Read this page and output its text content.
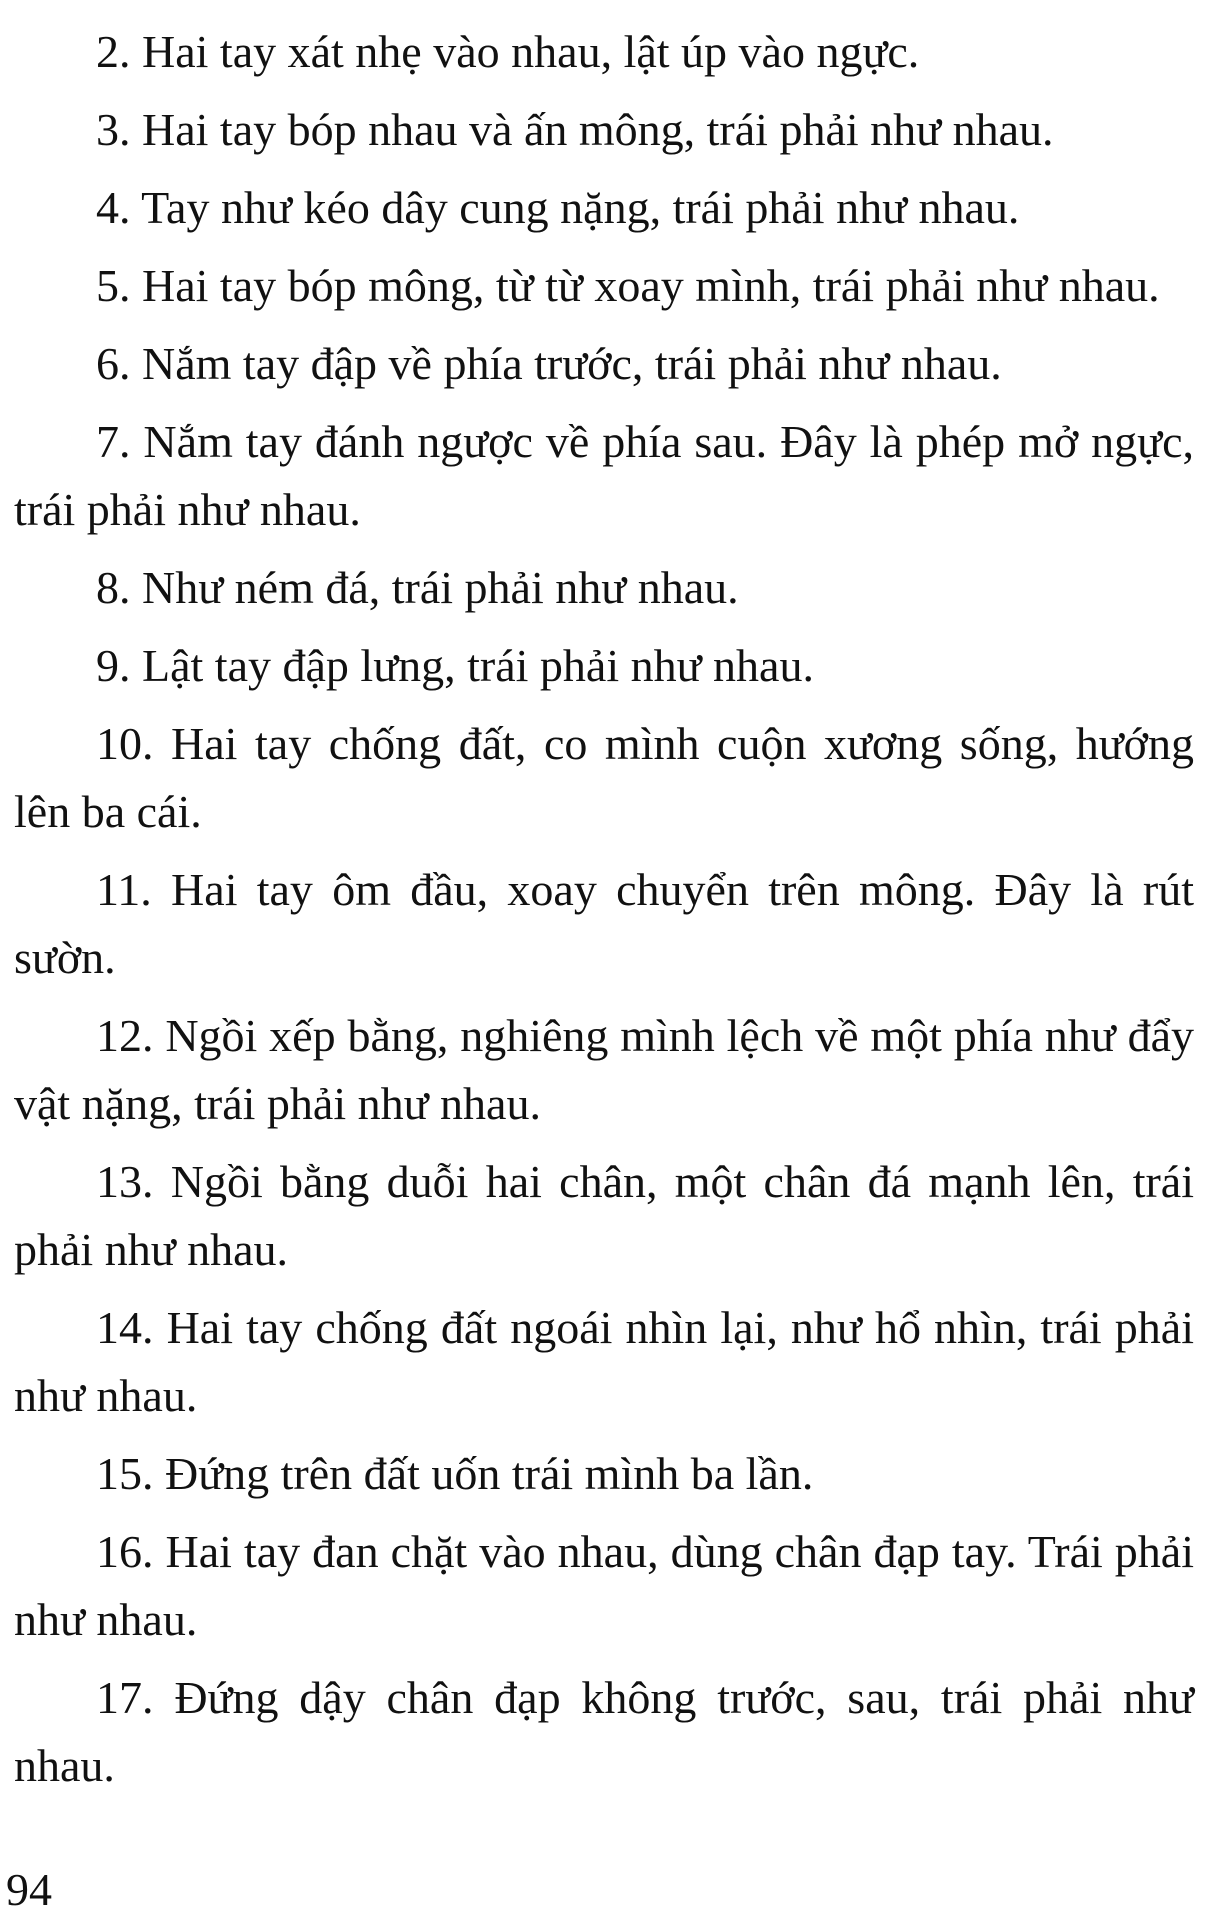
2. Hai tay xát nhẹ vào nhau, lật úp vào ngực.

3. Hai tay bóp nhau và ấn mông, trái phải như nhau.

4. Tay như kéo dây cung nặng, trái phải như nhau.

5. Hai tay bóp mông, từ từ xoay mình, trái phải như nhau.

6. Nắm tay đập về phía trước, trái phải như nhau.

7. Nắm tay đánh ngược về phía sau. Đây là phép mở ngực, trái phải như nhau.

8. Như ném đá, trái phải như nhau.

9. Lật tay đập lưng, trái phải như nhau.

10. Hai tay chống đất, co mình cuộn xương sống, hướng lên ba cái.

11. Hai tay ôm đầu, xoay chuyển trên mông. Đây là rút sườn.

12. Ngồi xếp bằng, nghiêng mình lệch về một phía như đẩy vật nặng, trái phải như nhau.

13. Ngồi bằng duỗi hai chân, một chân đá mạnh lên, trái phải như nhau.

14. Hai tay chống đất ngoái nhìn lại, như hổ nhìn, trái phải như nhau.

15. Đứng trên đất uốn trái mình ba lần.

16. Hai tay đan chặt vào nhau, dùng chân đạp tay. Trái phải như nhau.

17. Đứng dậy chân đạp không trước, sau, trái phải như nhau.

94
